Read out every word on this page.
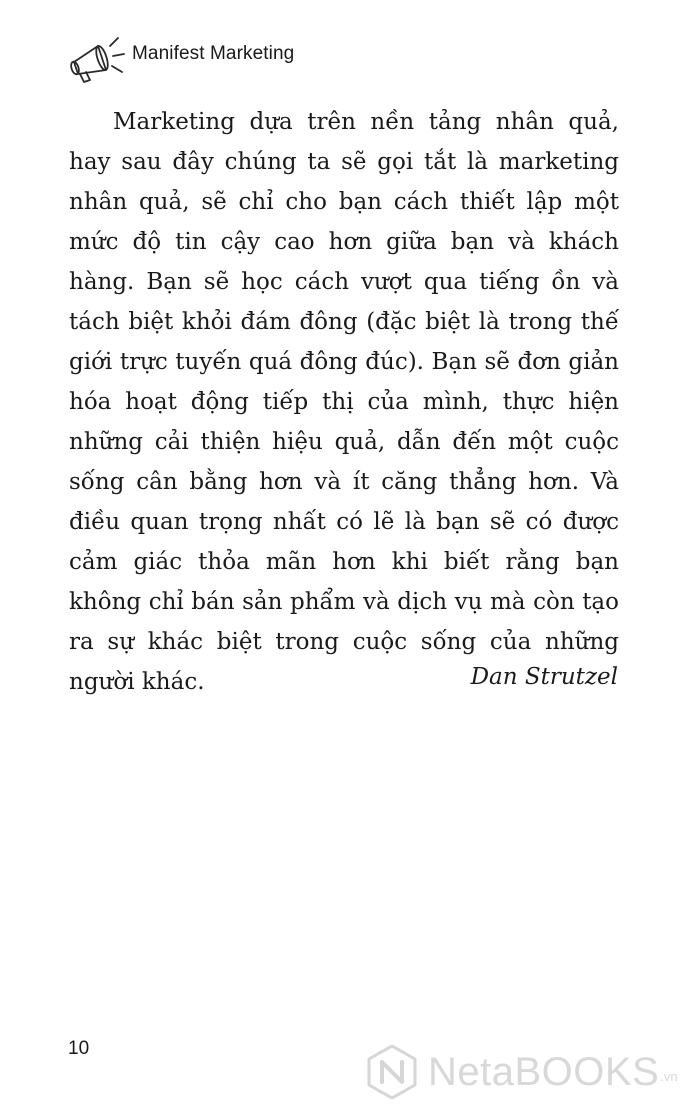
Manifest Marketing

Marketing dựa trên nền tảng nhân quả, hay sau đây chúng ta sẽ gọi tắt là marketing nhân quả, sẽ chỉ cho bạn cách thiết lập một mức độ tin cậy cao hơn giữa bạn và khách hàng. Bạn sẽ học cách vượt qua tiếng ồn và tách biệt khỏi đám đông (đặc biệt là trong thế giới trực tuyến quá đông đúc). Bạn sẽ đơn giản hóa hoạt động tiếp thị của mình, thực hiện những cải thiện hiệu quả, dẫn đến một cuộc sống cân bằng hơn và ít căng thẳng hơn. Và điều quan trọng nhất có lẽ là bạn sẽ có được cảm giác thỏa mãn hơn khi biết rằng bạn không chỉ bán sản phẩm và dịch vụ mà còn tạo ra sự khác biệt trong cuộc sống của những người khác.	Dan Strutzel
10
NetaBOOKS .vn
